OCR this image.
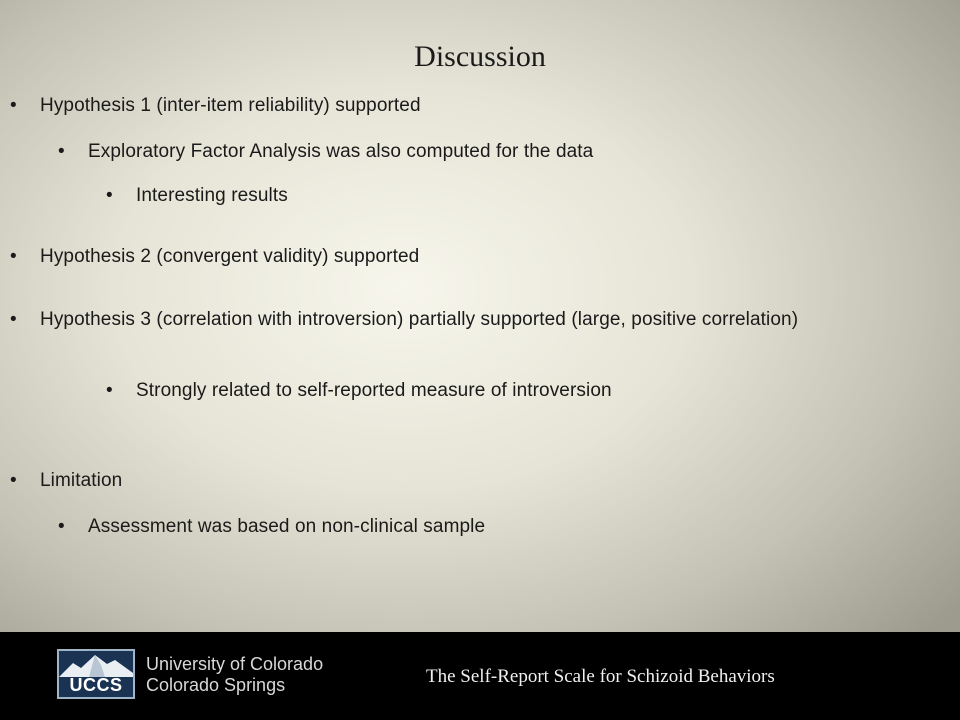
Discussion
• Hypothesis 1 (inter-item reliability) supported
• Exploratory Factor Analysis was also computed for the data
• Interesting results
• Hypothesis 2 (convergent validity) supported
• Hypothesis 3 (correlation with introversion) partially supported (large, positive correlation)
• Strongly related to self-reported measure of introversion
• Limitation
• Assessment was based on non-clinical sample
UCCS
University of Colorado
Colorado Springs	The Self-Report Scale for Schizoid Behaviors
